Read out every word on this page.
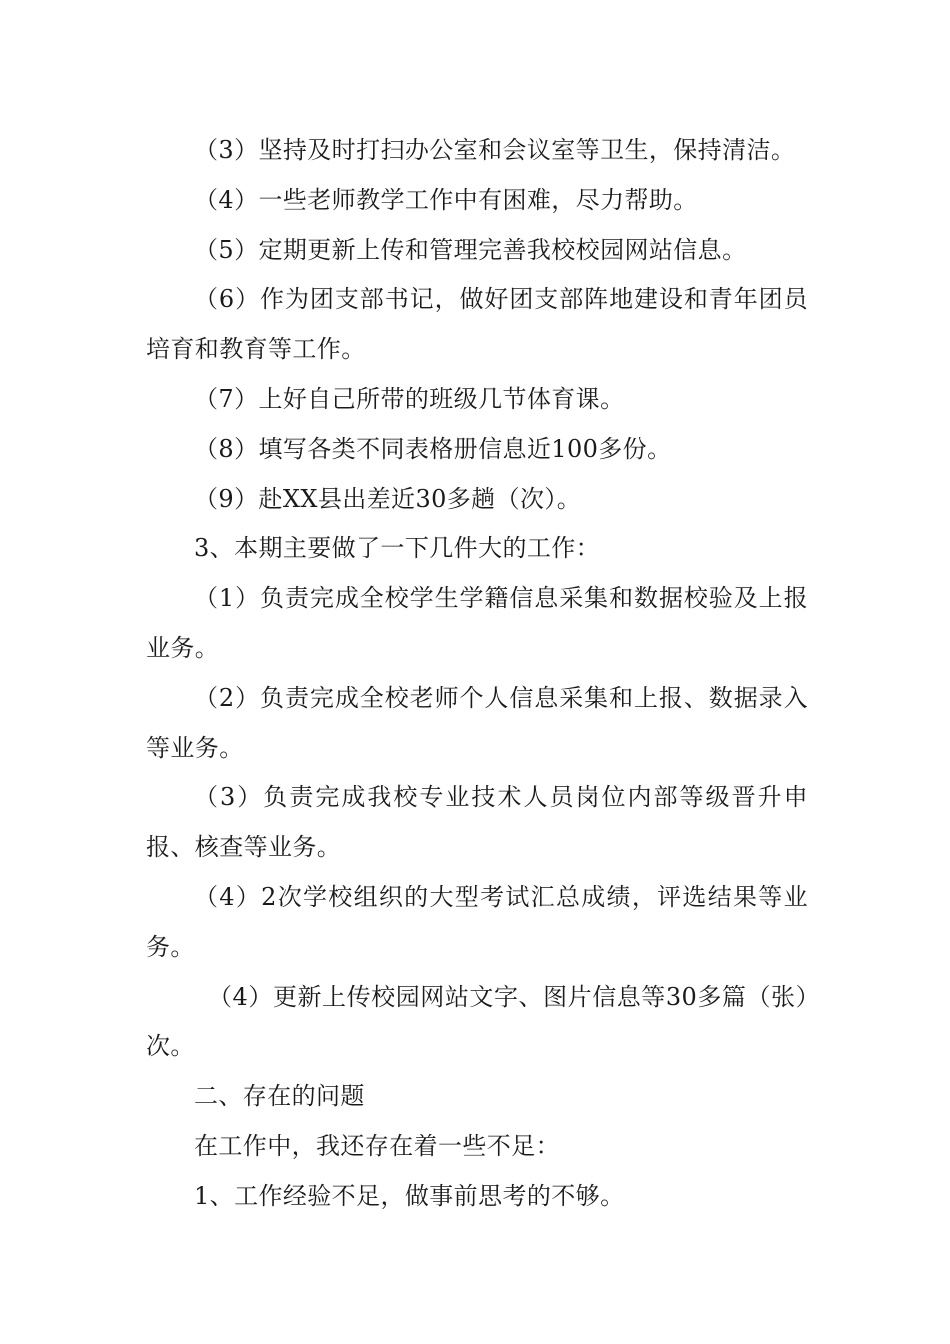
（3）坚持及时打扫办公室和会议室等卫生，保持清洁。

（4）一些老师教学工作中有困难，尽力帮助。

（5）定期更新上传和管理完善我校校园网站信息。

（6）作为团支部书记，做好团支部阵地建设和青年团员培育和教育等工作。

（7）上好自己所带的班级几节体育课。

（8）填写各类不同表格册信息近100多份。

（9）赴XX县出差近30多趟（次）。

3、本期主要做了一下几件大的工作：

（1）负责完成全校学生学籍信息采集和数据校验及上报业务。

（2）负责完成全校老师个人信息采集和上报、数据录入等业务。

（3）负责完成我校专业技术人员岗位内部等级晋升申报、核查等业务。

（4）2次学校组织的大型考试汇总成绩，评选结果等业务。

（4）更新上传校园网站文字、图片信息等30多篇（张）次。

二、存在的问题

在工作中，我还存在着一些不足：

1、工作经验不足，做事前思考的不够。
